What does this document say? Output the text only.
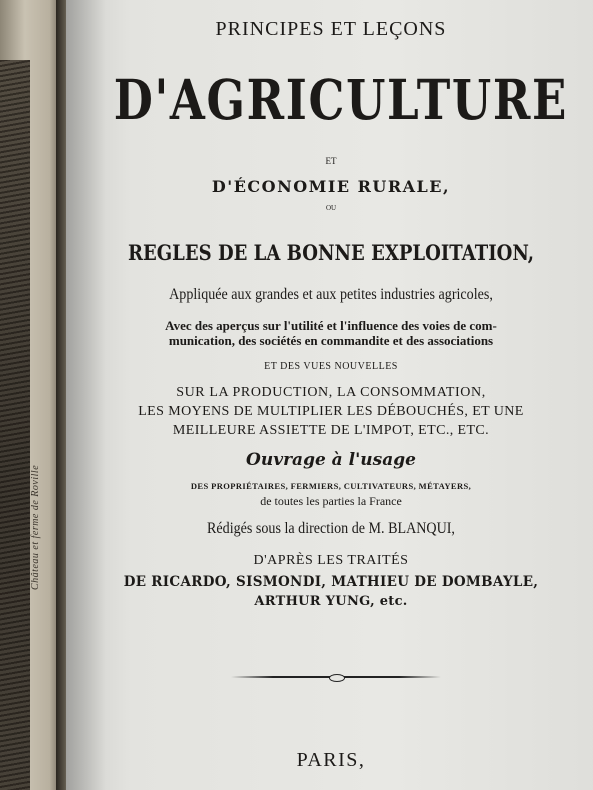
Château et ferme de Roville
PRINCIPES ET LEÇONS
D'AGRICULTURE
ET
D'ÉCONOMIE RURALE,
OU
REGLES DE LA BONNE EXPLOITATION,
Appliquée aux grandes et aux petites industries agricoles,
Avec des aperçus sur l'utilité et l'influence des voies de com-
munication, des sociétés en commandite et des associations
ET DES VUES NOUVELLES
SUR LA PRODUCTION, LA CONSOMMATION,
LES MOYENS DE MULTIPLIER LES DÉBOUCHÉS, ET UNE
MEILLEURE ASSIETTE DE L'IMPOT, ETC., ETC.
Ouvrage à l'usage
DES PROPRIÉTAIRES, FERMIERS, CULTIVATEURS, MÉTAYERS,
de toutes les parties la France
Rédigés sous la direction de M. BLANQUI,
D'APRÈS LES TRAITÉS
DE RICARDO, SISMONDI, MATHIEU DE DOMBAYLE,
ARTHUR YUNG, etc.
PARIS,
